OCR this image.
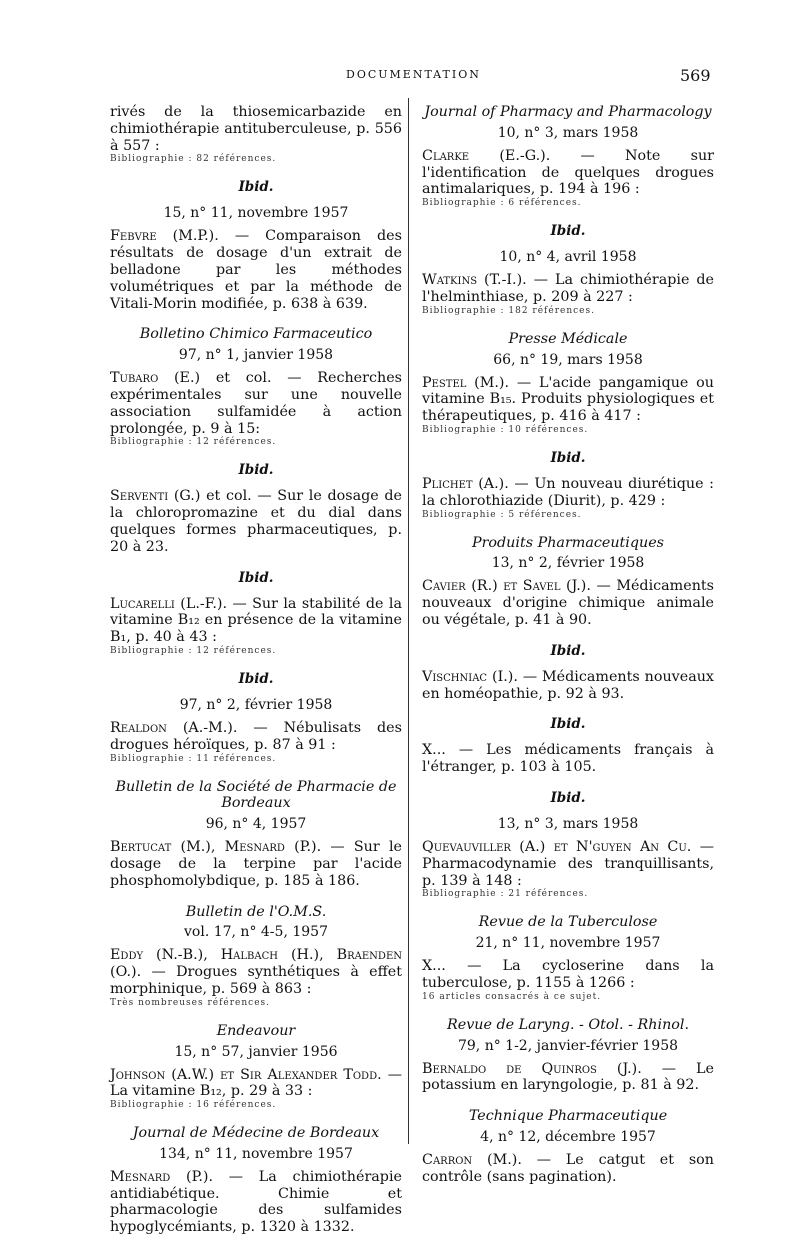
DOCUMENTATION	569
rivés de la thiosemicarbazide en chimiothérapie antituberculeuse, p. 556 à 557 :
Bibliographie : 82 références.
Ibid.
15, n° 11, novembre 1957
Febvre (M.P.). — Comparaison des résultats de dosage d'un extrait de belladone par les méthodes volumétriques et par la méthode de Vitali-Morin modifiée, p. 638 à 639.
Bolletino Chimico Farmaceutico
97, n° 1, janvier 1958
Tubaro (E.) et col. — Recherches expérimentales sur une nouvelle association sulfamidée à action prolongée, p. 9 à 15:
Bibliographie : 12 références.
Ibid.
Serventi (G.) et col. — Sur le dosage de la chloropromazine et du dial dans quelques formes pharmaceutiques, p. 20 à 23.
Ibid.
Lucarelli (L.-F.). — Sur la stabilité de la vitamine B₁₂ en présence de la vitamine B₁, p. 40 à 43 :
Bibliographie : 12 références.
Ibid.
97, n° 2, février 1958
Realdon (A.-M.). — Nébulisats des drogues héroïques, p. 87 à 91 :
Bibliographie : 11 références.
Bulletin de la Société de Pharmacie de Bordeaux
96, n° 4, 1957
Bertucat (M.), Mesnard (P.). — Sur le dosage de la terpine par l'acide phosphomolybdique, p. 185 à 186.
Bulletin de l'O.M.S.
vol. 17, n° 4-5, 1957
Eddy (N.-B.), Halbach (H.), Braenden (O.). — Drogues synthétiques à effet morphinique, p. 569 à 863 :
Très nombreuses références.
Endeavour
15, n° 57, janvier 1956
Johnson (A.W.) et Sir Alexander Todd. — La vitamine B₁₂, p. 29 à 33 :
Bibliographie : 16 références.
Journal de Médecine de Bordeaux
134, n° 11, novembre 1957
Mesnard (P.). — La chimiothérapie antidiabétique. Chimie et pharmacologie des sulfamides hypoglycémiants, p. 1320 à 1332.
Journal of Pharmacy and Pharmacology
10, n° 3, mars 1958
Clarke (E.-G.). — Note sur l'identification de quelques drogues antimalariques, p. 194 à 196 :
Bibliographie : 6 références.
Ibid.
10, n° 4, avril 1958
Watkins (T.-I.). — La chimiothérapie de l'helminthiase, p. 209 à 227 :
Bibliographie : 182 références.
Presse Médicale
66, n° 19, mars 1958
Pestel (M.). — L'acide pangamique ou vitamine B₁₅. Produits physiologiques et thérapeutiques, p. 416 à 417 :
Bibliographie : 10 références.
Ibid.
Plichet (A.). — Un nouveau diurétique : la chlorothiazide (Diurit), p. 429 :
Bibliographie : 5 références.
Produits Pharmaceutiques
13, n° 2, février 1958
Cavier (R.) et Savel (J.). — Médicaments nouveaux d'origine chimique animale ou végétale, p. 41 à 90.
Ibid.
Vischniac (I.). — Médicaments nouveaux en homéopathie, p. 92 à 93.
Ibid.
X... — Les médicaments français à l'étranger, p. 103 à 105.
Ibid.
13, n° 3, mars 1958
Quevauviller (A.) et N'guyen An Cu. — Pharmacodynamie des tranquillisants, p. 139 à 148 :
Bibliographie : 21 références.
Revue de la Tuberculose
21, n° 11, novembre 1957
X... — La cycloserine dans la tuberculose, p. 1155 à 1266 :
16 articles consacrés à ce sujet.
Revue de Laryng. - Otol. - Rhinol.
79, n° 1-2, janvier-février 1958
Bernaldo de Quinros (J.). — Le potassium en laryngologie, p. 81 à 92.
Technique Pharmaceutique
4, n° 12, décembre 1957
Carron (M.). — Le catgut et son contrôle (sans pagination).
